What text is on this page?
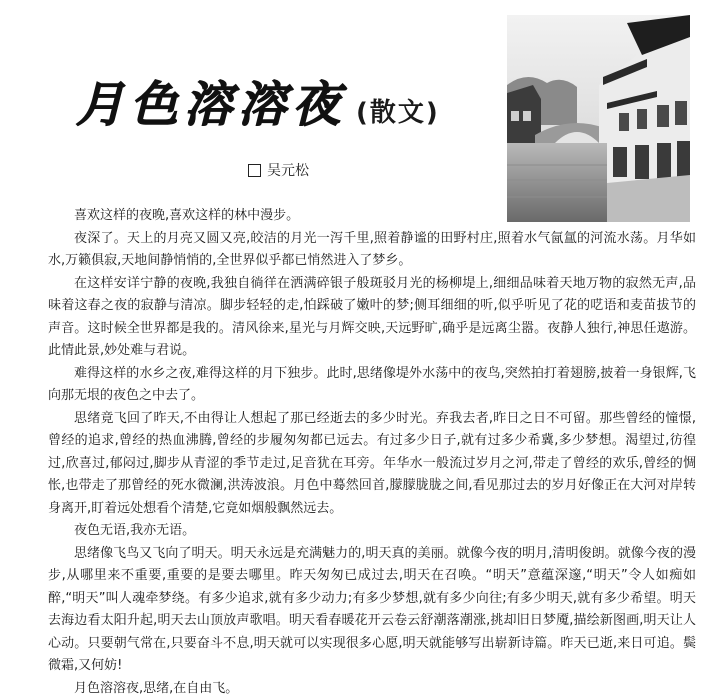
月色溶溶夜 (散文)
吴元松

喜欢这样的夜晚,喜欢这样的林中漫步。

夜深了。天上的月亮又圆又亮,皎洁的月光一泻千里,照着静谧的田野村庄,照着水气氤氲的河流水荡。月华如水,万籁俱寂,天地间静悄悄的,全世界似乎都已悄然进入了梦乡。

在这样安详宁静的夜晚,我独自徜徉在洒满碎银子般斑驳月光的杨柳堤上,细细品味着天地万物的寂然无声,品味着这春之夜的寂静与清凉。脚步轻轻的走,怕踩破了嫩叶的梦;侧耳细细的听,似乎听见了花的呓语和麦苗拔节的声音。这时候全世界都是我的。清风徐来,星光与月辉交映,天远野旷,确乎是远离尘嚣。夜静人独行,神思任遨游。此情此景,妙处难与君说。

难得这样的水乡之夜,难得这样的月下独步。此时,思绪像堤外水荡中的夜鸟,突然拍打着翅膀,披着一身银辉,飞向那无垠的夜色之中去了。

思绪竟飞回了昨天,不由得让人想起了那已经逝去的多少时光。弃我去者,昨日之日不可留。那些曾经的憧憬,曾经的追求,曾经的热血沸腾,曾经的步履匆匆都已远去。有过多少日子,就有过多少希冀,多少梦想。渴望过,彷徨过,欣喜过,郁闷过,脚步从青涩的季节走过,足音犹在耳旁。年华水一般流过岁月之河,带走了曾经的欢乐,曾经的惆怅,也带走了那曾经的死水微澜,洪涛波浪。月色中蓦然回首,朦朦胧胧之间,看见那过去的岁月好像正在大河对岸转身离开,盯着远处想看个清楚,它竟如烟般飘然远去。

夜色无语,我亦无语。

思绪像飞鸟又飞向了明天。明天永远是充满魅力的,明天真的美丽。就像今夜的明月,清明俊朗。就像今夜的漫步,从哪里来不重要,重要的是要去哪里。昨天匆匆已成过去,明天在召唤。“明天”意蕴深邃,“明天”令人如痴如醉,“明天”叫人魂牵梦绕。有多少追求,就有多少动力;有多少梦想,就有多少向往;有多少明天,就有多少希望。明天去海边看太阳升起,明天去山顶放声歌唱。明天看春暖花开云卷云舒潮落潮涨,挑却旧日梦魇,描绘新图画,明天让人心动。只要朝气常在,只要奋斗不息,明天就可以实现很多心愿,明天就能够写出崭新诗篇。昨天已逝,来日可追。鬓微霜,又何妨!

月色溶溶夜,思绪,在自由飞。
